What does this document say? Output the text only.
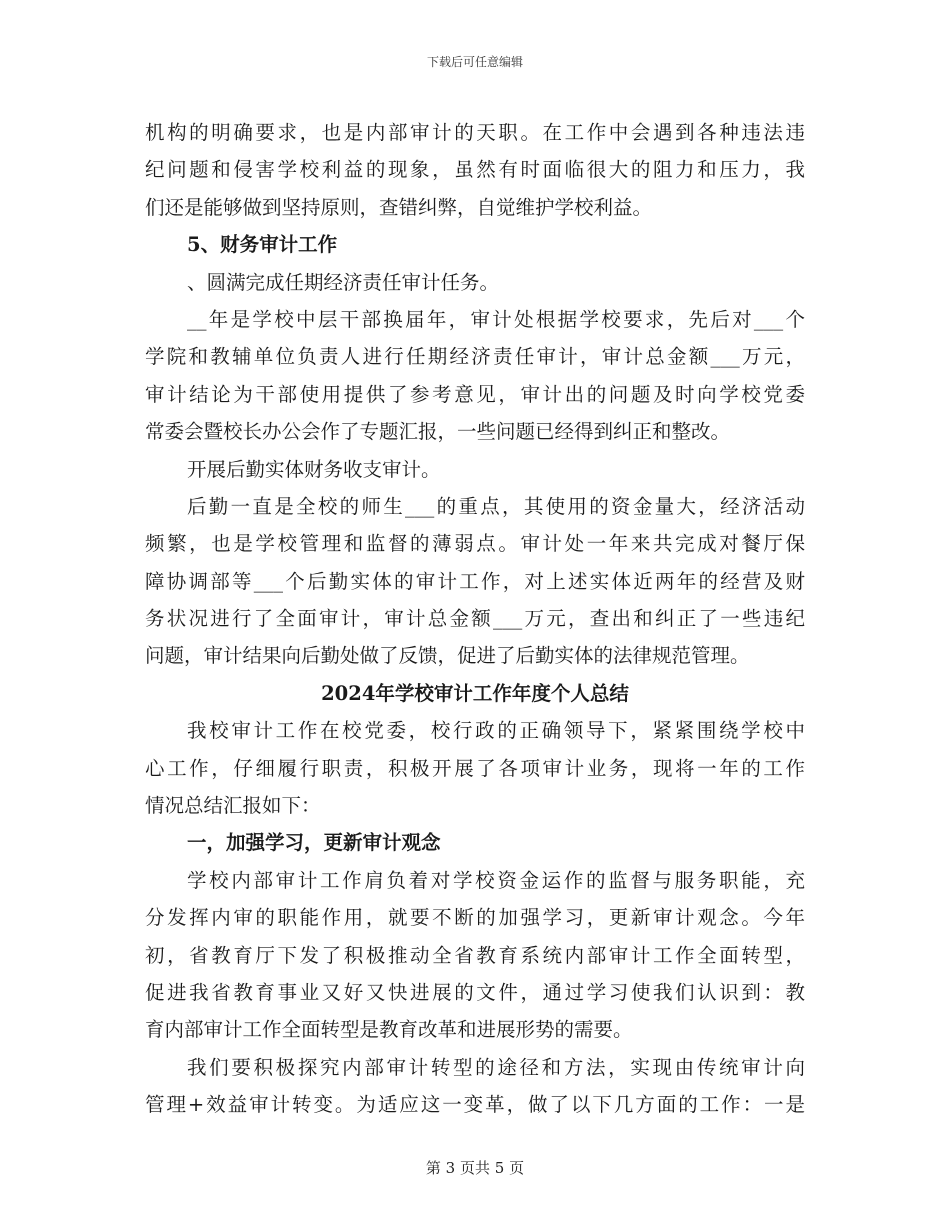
下载后可任意编辑
机构的明确要求，也是内部审计的天职。在工作中会遇到各种违法违
纪问题和侵害学校利益的现象，虽然有时面临很大的阻力和压力，我
们还是能够做到坚持原则，查错纠弊，自觉维护学校利益。
5、财务审计工作
、圆满完成任期经济责任审计任务。
__年是学校中层干部换届年，审计处根据学校要求，先后对___个
学院和教辅单位负责人进行任期经济责任审计，审计总金额___万元，
审计结论为干部使用提供了参考意见，审计出的问题及时向学校党委
常委会暨校长办公会作了专题汇报，一些问题已经得到纠正和整改。
开展后勤实体财务收支审计。
后勤一直是全校的师生___的重点，其使用的资金量大，经济活动
频繁，也是学校管理和监督的薄弱点。审计处一年来共完成对餐厅保
障协调部等___个后勤实体的审计工作，对上述实体近两年的经营及财
务状况进行了全面审计，审计总金额___万元，查出和纠正了一些违纪
问题，审计结果向后勤处做了反馈，促进了后勤实体的法律规范管理。
2024年学校审计工作年度个人总结
我校审计工作在校党委，校行政的正确领导下，紧紧围绕学校中
心工作，仔细履行职责，积极开展了各项审计业务，现将一年的工作
情况总结汇报如下：
一，加强学习，更新审计观念
学校内部审计工作肩负着对学校资金运作的监督与服务职能，充
分发挥内审的职能作用，就要不断的加强学习，更新审计观念。今年
初，省教育厅下发了积极推动全省教育系统内部审计工作全面转型，
促进我省教育事业又好又快进展的文件，通过学习使我们认识到：教
育内部审计工作全面转型是教育改革和进展形势的需要。
我们要积极探究内部审计转型的途径和方法，实现由传统审计向
管理+效益审计转变。为适应这一变革，做了以下几方面的工作：一是
第 3 页共 5 页
